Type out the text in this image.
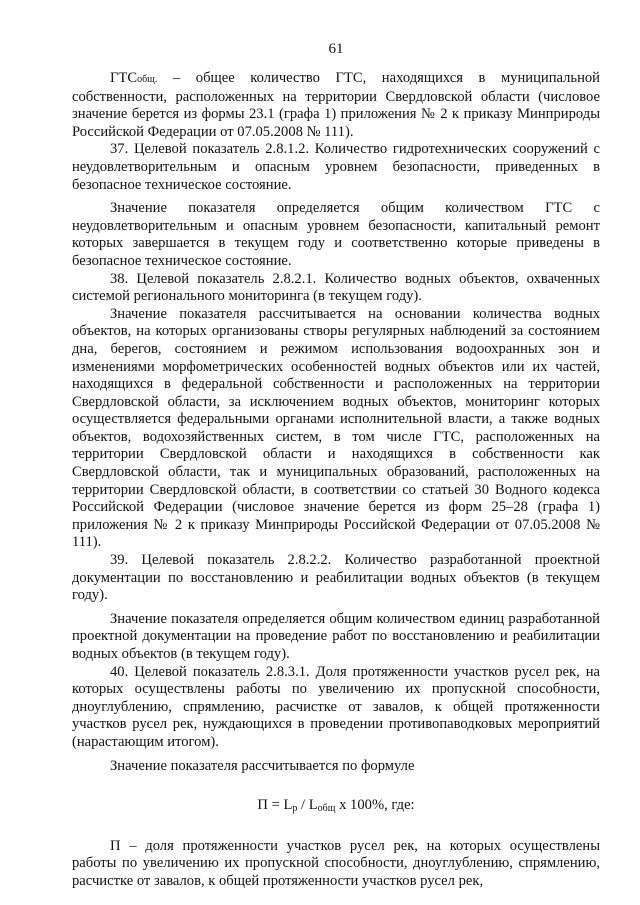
61

ГТСобщ. – общее количество ГТС, находящихся в муниципальной собственности, расположенных на территории Свердловской области (числовое значение берется из формы 23.1 (графа 1) приложения № 2 к приказу Минприроды Российской Федерации от 07.05.2008 № 111).

37. Целевой показатель 2.8.1.2. Количество гидротехнических сооружений с неудовлетворительным и опасным уровнем безопасности, приведенных в безопасное техническое состояние.

Значение показателя определяется общим количеством ГТС с неудовлетворительным и опасным уровнем безопасности, капитальный ремонт которых завершается в текущем году и соответственно которые приведены в безопасное техническое состояние.

38. Целевой показатель 2.8.2.1. Количество водных объектов, охваченных системой регионального мониторинга (в текущем году).

Значение показателя рассчитывается на основании количества водных объектов, на которых организованы створы регулярных наблюдений за состоянием дна, берегов, состоянием и режимом использования водоохранных зон и изменениями морфометрических особенностей водных объектов или их частей, находящихся в федеральной собственности и расположенных на территории Свердловской области, за исключением водных объектов, мониторинг которых осуществляется федеральными органами исполнительной власти, а также водных объектов, водохозяйственных систем, в том числе ГТС, расположенных на территории Свердловской области и находящихся в собственности как Свердловской области, так и муниципальных образований, расположенных на территории Свердловской области, в соответствии со статьей 30 Водного кодекса Российской Федерации (числовое значение берется из форм 25–28 (графа 1) приложения № 2 к приказу Минприроды Российской Федерации от 07.05.2008 № 111).

39. Целевой показатель 2.8.2.2. Количество разработанной проектной документации по восстановлению и реабилитации водных объектов (в текущем году).

Значение показателя определяется общим количеством единиц разработанной проектной документации на проведение работ по восстановлению и реабилитации водных объектов (в текущем году).

40. Целевой показатель 2.8.3.1. Доля протяженности участков русел рек, на которых осуществлены работы по увеличению их пропускной способности, дноуглублению, спрямлению, расчистке от завалов, к общей протяженности участков русел рек, нуждающихся в проведении противопаводковых мероприятий (нарастающим итогом).

Значение показателя рассчитывается по формуле

П = Lр / Lобщ x 100%, где:

П – доля протяженности участков русел рек, на которых осуществлены работы по увеличению их пропускной способности, дноуглублению, спрямлению, расчистке от завалов, к общей протяженности участков русел рек,
